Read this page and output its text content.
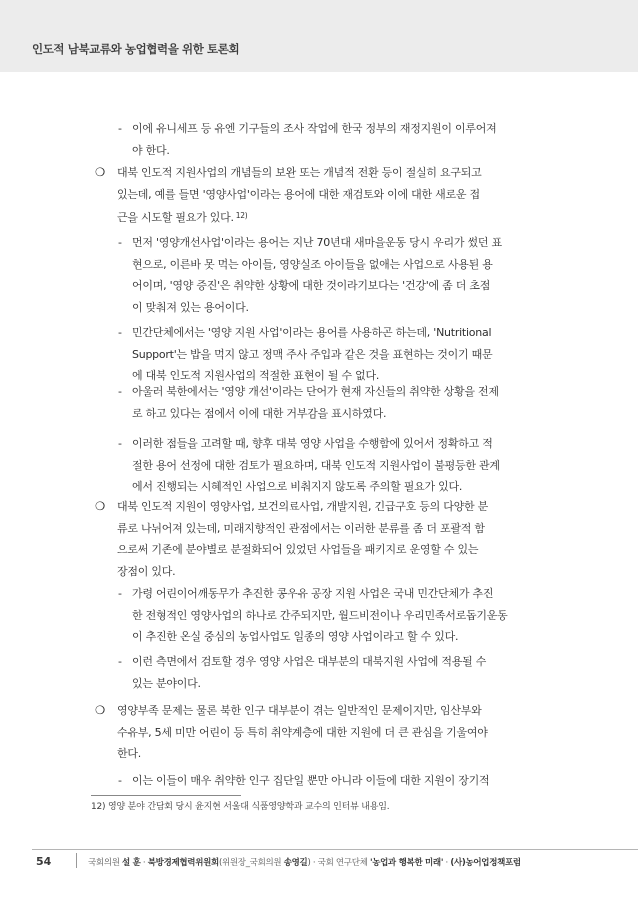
인도적 남북교류와 농업협력을 위한 토론회
- 이에 유니세프 등 유엔 기구들의 조사 작업에 한국 정부의 재정지원이 이루어져
야 한다.
❍ 대북 인도적 지원사업의 개념들의 보완 또는 개념적 전환 등이 절실히 요구되고
있는데, 예를 들면 '영양사업'이라는 용어에 대한 재검토와 이에 대한 새로운 접
근을 시도할 필요가 있다. $^{12)}$
- 먼저 '영양개선사업'이라는 용어는 지난 70년대 새마을운동 당시 우리가 썼던 표
현으로, 이른바 못 먹는 아이들, 영양실조 아이들을 없애는 사업으로 사용된 용
어이며, '영양 증진'은 취약한 상황에 대한 것이라기보다는 '건강'에 좀 더 초점
이 맞춰져 있는 용어이다.
- 민간단체에서는 '영양 지원 사업'이라는 용어를 사용하곤 하는데, 'Nutritional
Support'는 밥을 먹지 않고 정맥 주사 주입과 같은 것을 표현하는 것이기 때문
에 대북 인도적 지원사업의 적절한 표현이 될 수 없다.
- 아울러 북한에서는 '영양 개선'이라는 단어가 현재 자신들의 취약한 상황을 전제
로 하고 있다는 점에서 이에 대한 거부감을 표시하였다.
- 이러한 점들을 고려할 때, 향후 대북 영양 사업을 수행함에 있어서 정확하고 적
절한 용어 선정에 대한 검토가 필요하며, 대북 인도적 지원사업이 불평등한 관계
에서 진행되는 시혜적인 사업으로 비춰지지 않도록 주의할 필요가 있다.
❍ 대북 인도적 지원이 영양사업, 보건의료사업, 개발지원, 긴급구호 등의 다양한 분
류로 나뉘어져 있는데, 미래지향적인 관점에서는 이러한 분류를 좀 더 포괄적 함
으로써 기존에 분야별로 분절화되어 있었던 사업들을 패키지로 운영할 수 있는
장점이 있다.
- 가령 어린이어깨동무가 추진한 콩우유 공장 지원 사업은 국내 민간단체가 추진
한 전형적인 영양사업의 하나로 간주되지만, 월드비전이나 우리민족서로돕기운동
이 추진한 온실 중심의 농업사업도 일종의 영양 사업이라고 할 수 있다.
- 이런 측면에서 검토할 경우 영양 사업은 대부분의 대북지원 사업에 적용될 수
있는 분야이다.
❍ 영양부족 문제는 물론 북한 인구 대부분이 겪는 일반적인 문제이지만, 임산부와
수유부, 5세 미만 어린이 등 특히 취약계층에 대한 지원에 더 큰 관심을 기울여야
한다.
- 이는 이들이 매우 취약한 인구 집단일 뿐만 아니라 이들에 대한 지원이 장기적
12) 영양 분야 간담회 당시 윤지현 서울대 식품영양학과 교수의 인터뷰 내용임.
54	국회의원 설 훈 · 북방경제협력위원회(위원장_국회의원 송영길) · 국회 연구단체 '농업과 행복한 미래' · (사)농어업정책포럼
